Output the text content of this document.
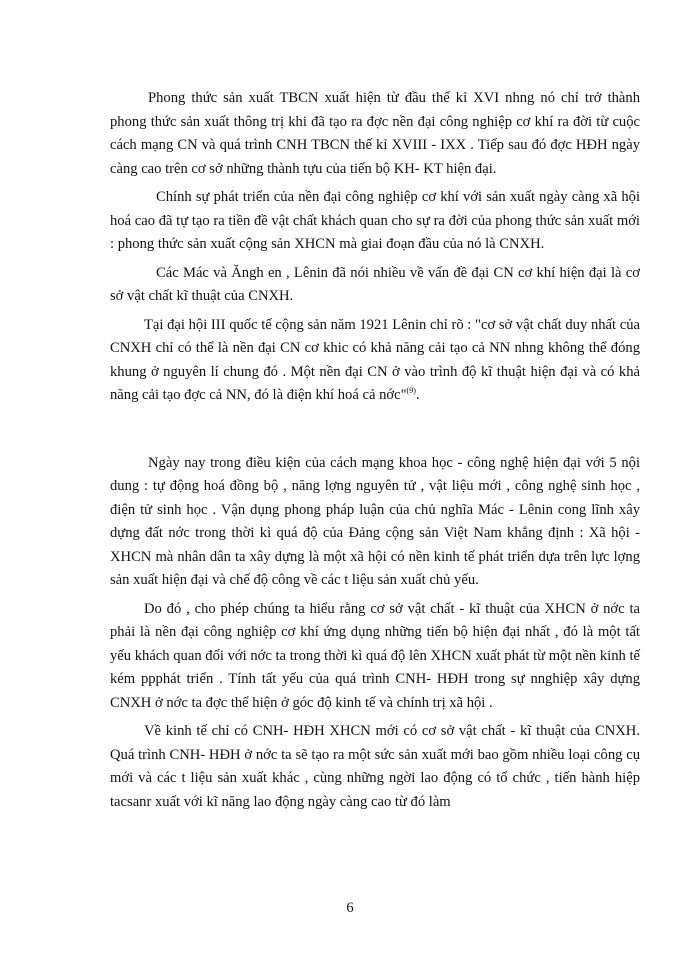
Phong thức sản xuất TBCN xuất hiện từ đầu thế kỉ XVI nhng nó chỉ trở thành phong thức sản xuất thông trị khi đã tạo ra đợc nền đại công nghiệp cơ khí ra đời từ cuộc cách mạng CN và quá trình CNH TBCN thế kỉ XVIII - IXX . Tiếp sau đó đợc HĐH ngày càng cao trên cơ sở những thành tựu của tiến bộ KH- KT hiện đại.

Chính sự phát triển của nền đại công nghiệp cơ khí với sản xuất ngày càng xã hội hoá cao đã tự tạo ra tiền đề vật chất khách quan cho sự ra đời của phong thức sản xuất mới : phong thức sản xuất cộng sản XHCN mà giai đoạn đầu của nó là CNXH.

Các Mác và Ăngh en , Lênin đã nói nhiều về vấn đề đại CN cơ khí hiện đại là cơ sở vật chất kĩ thuật của CNXH.

Tại đại hội III quốc tế cộng sản năm 1921 Lênin chỉ rõ : "cơ sở vật chất duy nhất của CNXH chỉ có thể là nền đại CN cơ khic có khả năng cải tạo cả NN nhng không thể đóng khung ở nguyên lí chung đó . Một nền đại CN ở vào trình độ kĩ thuật hiện đại và có khả năng cải tạo đợc cả NN, đó là điện khí hoá cả nớc"$^{(9)}$.

Ngày nay trong điều kiện của cách mạng khoa học - công nghệ hiện đại với 5 nội dung : tự động hoá đồng bộ , năng lợng nguyên tử , vật liệu mới , công nghệ sinh học , điện tử sinh học . Vận dụng phong pháp luận của chủ nghĩa Mác - Lênin cong lĩnh xây dựng đất nớc trong thời kì quá độ của Đảng cộng sản Việt Nam khẳng định : Xã hội - XHCN mà nhân dân ta xây dựng là một xã hội có nền kinh tế phát triển dựa trên lực lợng sản xuất hiện đại và chế độ công về các t liệu sản xuất chủ yếu.

Do đó , cho phép chúng ta hiểu rằng cơ sở vật chất - kĩ thuật của XHCN ở nớc ta phải là nền đại công nghiệp cơ khí ứng dụng những tiến bộ hiện đại nhất , đó là một tất yếu khách quan đối với nớc ta trong thời kì quá độ lên XHCN xuất phát từ một nền kinh tế kém ppphát triển . Tính tất yếu của quá trình CNH- HĐH trong sự nnghiệp xây dựng CNXH ở nớc ta đợc thể hiện ở góc độ kinh tế và chính trị xã hội .

Về kinh tế chỉ có CNH- HĐH XHCN mới có cơ sở vật chất - kĩ thuật của CNXH. Quá trình CNH- HĐH ở nớc ta sẽ tạo ra một sức sản xuất mới bao gồm nhiều loại công cụ mới và các t liệu sản xuất khác , cùng những ngời lao động có tổ chức , tiến hành hiệp tacsanr xuất với kĩ năng lao động ngày càng cao từ đó làm

6
